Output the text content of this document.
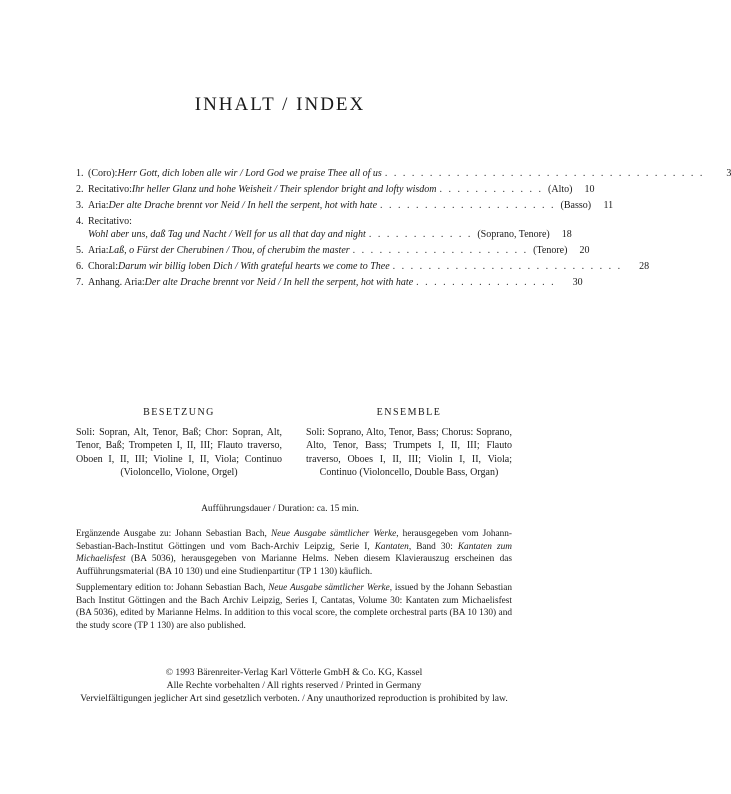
INHALT / INDEX
1. (Coro): Herr Gott, dich loben alle wir / Lord God we praise Thee all of us . . . . . . . . . . . . . . . . . . . . . . . . . . . . . . . . . . . .	3
2. Recitativo: Ihr heller Glanz und hohe Weisheit / Their splendor bright and lofty wisdom . . . . . . . . . . . . (Alto)	10
3. Aria: Der alte Drache brennt vor Neid / In hell the serpent, hot with hate . . . . . . . . . . . . . . . . . . . . (Basso)	11
4. Recitativo:
Wohl aber uns, daß Tag und Nacht / Well for us all that day and night . . . . . . . . . . . . (Soprano, Tenore)	18
5. Aria: Laß, o Fürst der Cherubinen / Thou, of cherubim the master . . . . . . . . . . . . . . . . . . . . (Tenore)	20
6. Choral: Darum wir billig loben Dich / With grateful hearts we come to Thee . . . . . . . . . . . . . . . . . . . . . . . . . .	28
7. Anhang. Aria: Der alte Drache brennt vor Neid / In hell the serpent, hot with hate . . . . . . . . . . . . . . . .	30
BESETZUNG
Soli: Sopran, Alt, Tenor, Baß; Chor: Sopran, Alt, Tenor, Baß; Trompeten I, II, III; Flauto traverso, Oboen I, II, III; Violine I, II, Viola; Continuo (Violoncello, Violone, Orgel)
ENSEMBLE
Soli: Soprano, Alto, Tenor, Bass; Chorus: Soprano, Alto, Tenor, Bass; Trumpets I, II, III; Flauto traverso, Oboes I, II, III; Violin I, II, Viola; Continuo (Violoncello, Double Bass, Organ)
Aufführungsdauer / Duration: ca. 15 min.
Ergänzende Ausgabe zu: Johann Sebastian Bach, Neue Ausgabe sämtlicher Werke, herausgegeben vom Johann-Sebastian-Bach-Institut Göttingen und vom Bach-Archiv Leipzig, Serie I, Kantaten, Band 30: Kantaten zum Michaelisfest (BA 5036), herausgegeben von Marianne Helms. Neben diesem Klavierauszug erscheinen das Aufführungsmaterial (BA 10 130) und eine Studienpartitur (TP 1 130) käuflich.
Supplementary edition to: Johann Sebastian Bach, Neue Ausgabe sämtlicher Werke, issued by the Johann Sebastian Bach Institut Göttingen and the Bach Archiv Leipzig, Series I, Cantatas, Volume 30: Kantaten zum Michaelisfest (BA 5036), edited by Marianne Helms. In addition to this vocal score, the complete orchestral parts (BA 10 130) and the study score (TP 1 130) are also published.
© 1993 Bärenreiter-Verlag Karl Vötterle GmbH & Co. KG, Kassel
Alle Rechte vorbehalten / All rights reserved / Printed in Germany
Vervielfältigungen jeglicher Art sind gesetzlich verboten. / Any unauthorized reproduction is prohibited by law.
